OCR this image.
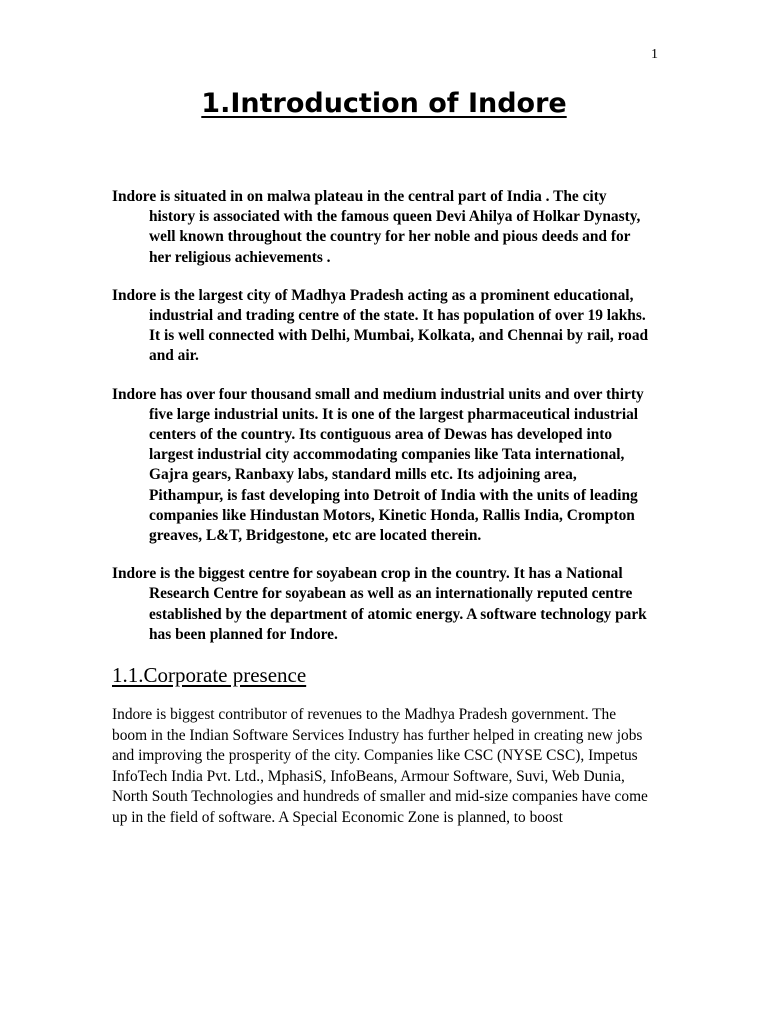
1
1.Introduction of Indore

Indore is situated in on malwa plateau in the central part of India . The city history is associated with the famous queen Devi Ahilya of Holkar Dynasty, well known throughout the country for her noble and pious deeds and for her religious achievements .

Indore is the largest city of Madhya Pradesh acting as a prominent educational, industrial and trading centre of the state. It has population of over 19 lakhs. It is well connected with Delhi, Mumbai, Kolkata, and Chennai by rail, road and air.

Indore has over four thousand small and medium industrial units and over thirty five large industrial units. It is one of the largest pharmaceutical industrial centers of the country. Its contiguous area of Dewas has developed into largest industrial city accommodating companies like Tata international, Gajra gears, Ranbaxy labs, standard mills etc. Its adjoining area, Pithampur, is fast developing into Detroit of India with the units of leading companies like Hindustan Motors, Kinetic Honda, Rallis India, Crompton greaves, L&T, Bridgestone, etc are located therein.

Indore is the biggest centre for soyabean crop in the country. It has a National Research Centre for soyabean as well as an internationally reputed centre established by the department of atomic energy. A software technology park has been planned for Indore.

1.1.Corporate presence

Indore is biggest contributor of revenues to the Madhya Pradesh government. The boom in the Indian Software Services Industry has further helped in creating new jobs and improving the prosperity of the city. Companies like CSC (NYSE CSC), Impetus InfoTech India Pvt. Ltd., MphasiS, InfoBeans, Armour Software, Suvi, Web Dunia, North South Technologies and hundreds of smaller and mid-size companies have come up in the field of software. A Special Economic Zone is planned, to boost
